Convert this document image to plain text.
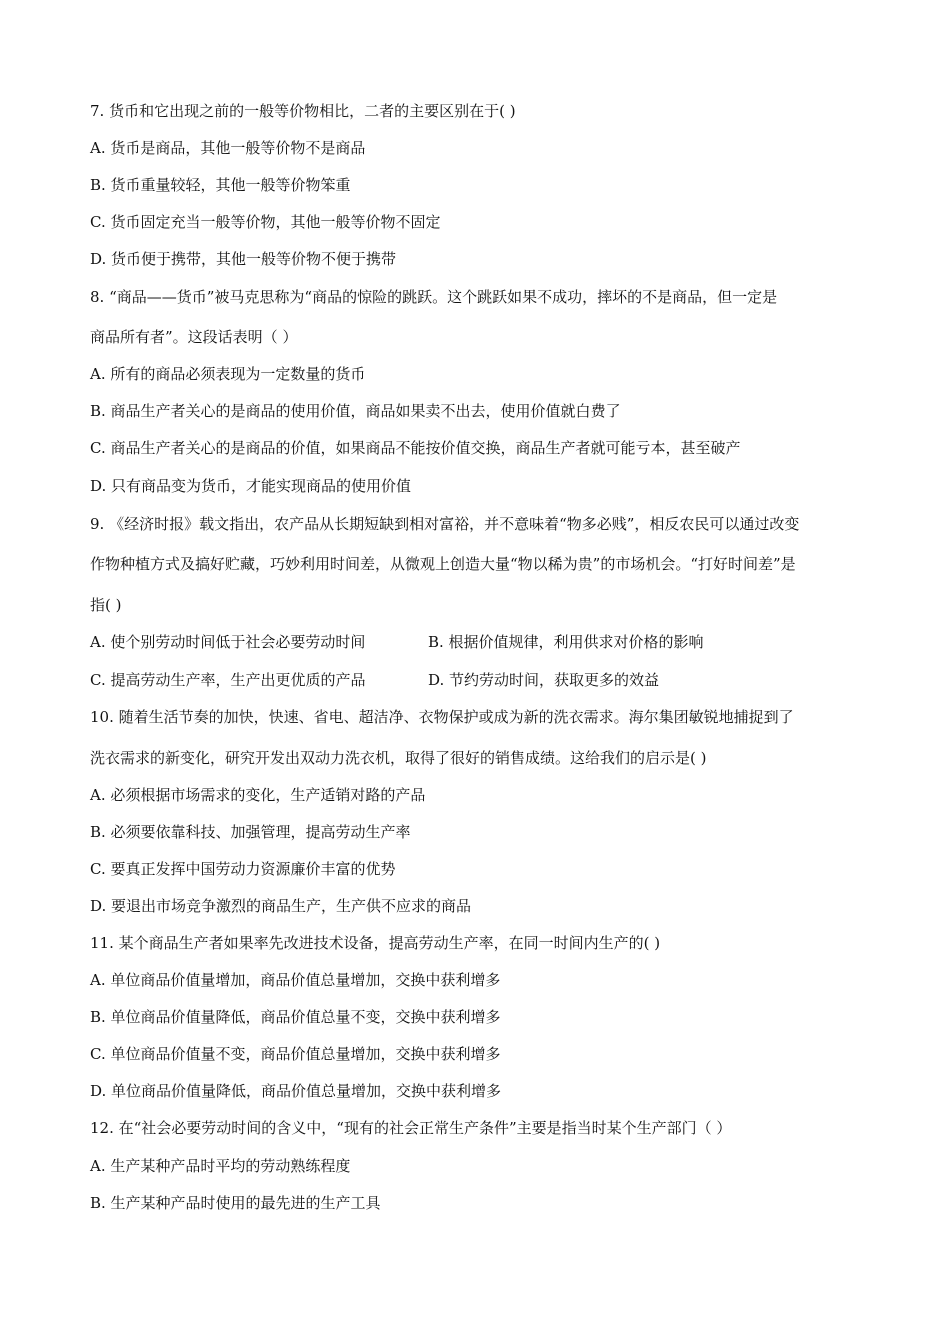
7. 货币和它出现之前的一般等价物相比，二者的主要区别在于( )
A. 货币是商品，其他一般等价物不是商品
B. 货币重量较轻，其他一般等价物笨重
C. 货币固定充当一般等价物，其他一般等价物不固定
D. 货币便于携带，其他一般等价物不便于携带
8. “商品——货币”被马克思称为“商品的惊险的跳跃。这个跳跃如果不成功，摔坏的不是商品，但一定是
商品所有者”。这段话表明（ ）
A. 所有的商品必须表现为一定数量的货币
B. 商品生产者关心的是商品的使用价值，商品如果卖不出去，使用价值就白费了
C. 商品生产者关心的是商品的价值，如果商品不能按价值交换，商品生产者就可能亏本，甚至破产
D. 只有商品变为货币，才能实现商品的使用价值
9. 《经济时报》载文指出，农产品从长期短缺到相对富裕，并不意味着“物多必贱”，相反农民可以通过改变
作物种植方式及搞好贮藏，巧妙利用时间差，从微观上创造大量“物以稀为贵”的市场机会。“打好时间差”是
指( )
A. 使个别劳动时间低于社会必要劳动时间	B. 根据价值规律，利用供求对价格的影响
C. 提高劳动生产率，生产出更优质的产品	D. 节约劳动时间，获取更多的效益
10. 随着生活节奏的加快，快速、省电、超洁净、衣物保护或成为新的洗衣需求。海尔集团敏锐地捕捉到了
洗衣需求的新变化，研究开发出双动力洗衣机，取得了很好的销售成绩。这给我们的启示是( )
A. 必须根据市场需求的变化，生产适销对路的产品
B. 必须要依靠科技、加强管理，提高劳动生产率
C. 要真正发挥中国劳动力资源廉价丰富的优势
D. 要退出市场竞争激烈的商品生产，生产供不应求的商品
11. 某个商品生产者如果率先改进技术设备，提高劳动生产率，在同一时间内生产的( )
A. 单位商品价值量增加，商品价值总量增加，交换中获利增多
B. 单位商品价值量降低，商品价值总量不变，交换中获利增多
C. 单位商品价值量不变，商品价值总量增加，交换中获利增多
D. 单位商品价值量降低，商品价值总量增加，交换中获利增多
12. 在“社会必要劳动时间的含义中，“现有的社会正常生产条件”主要是指当时某个生产部门（ ）
A. 生产某种产品时平均的劳动熟练程度
B. 生产某种产品时使用的最先进的生产工具
